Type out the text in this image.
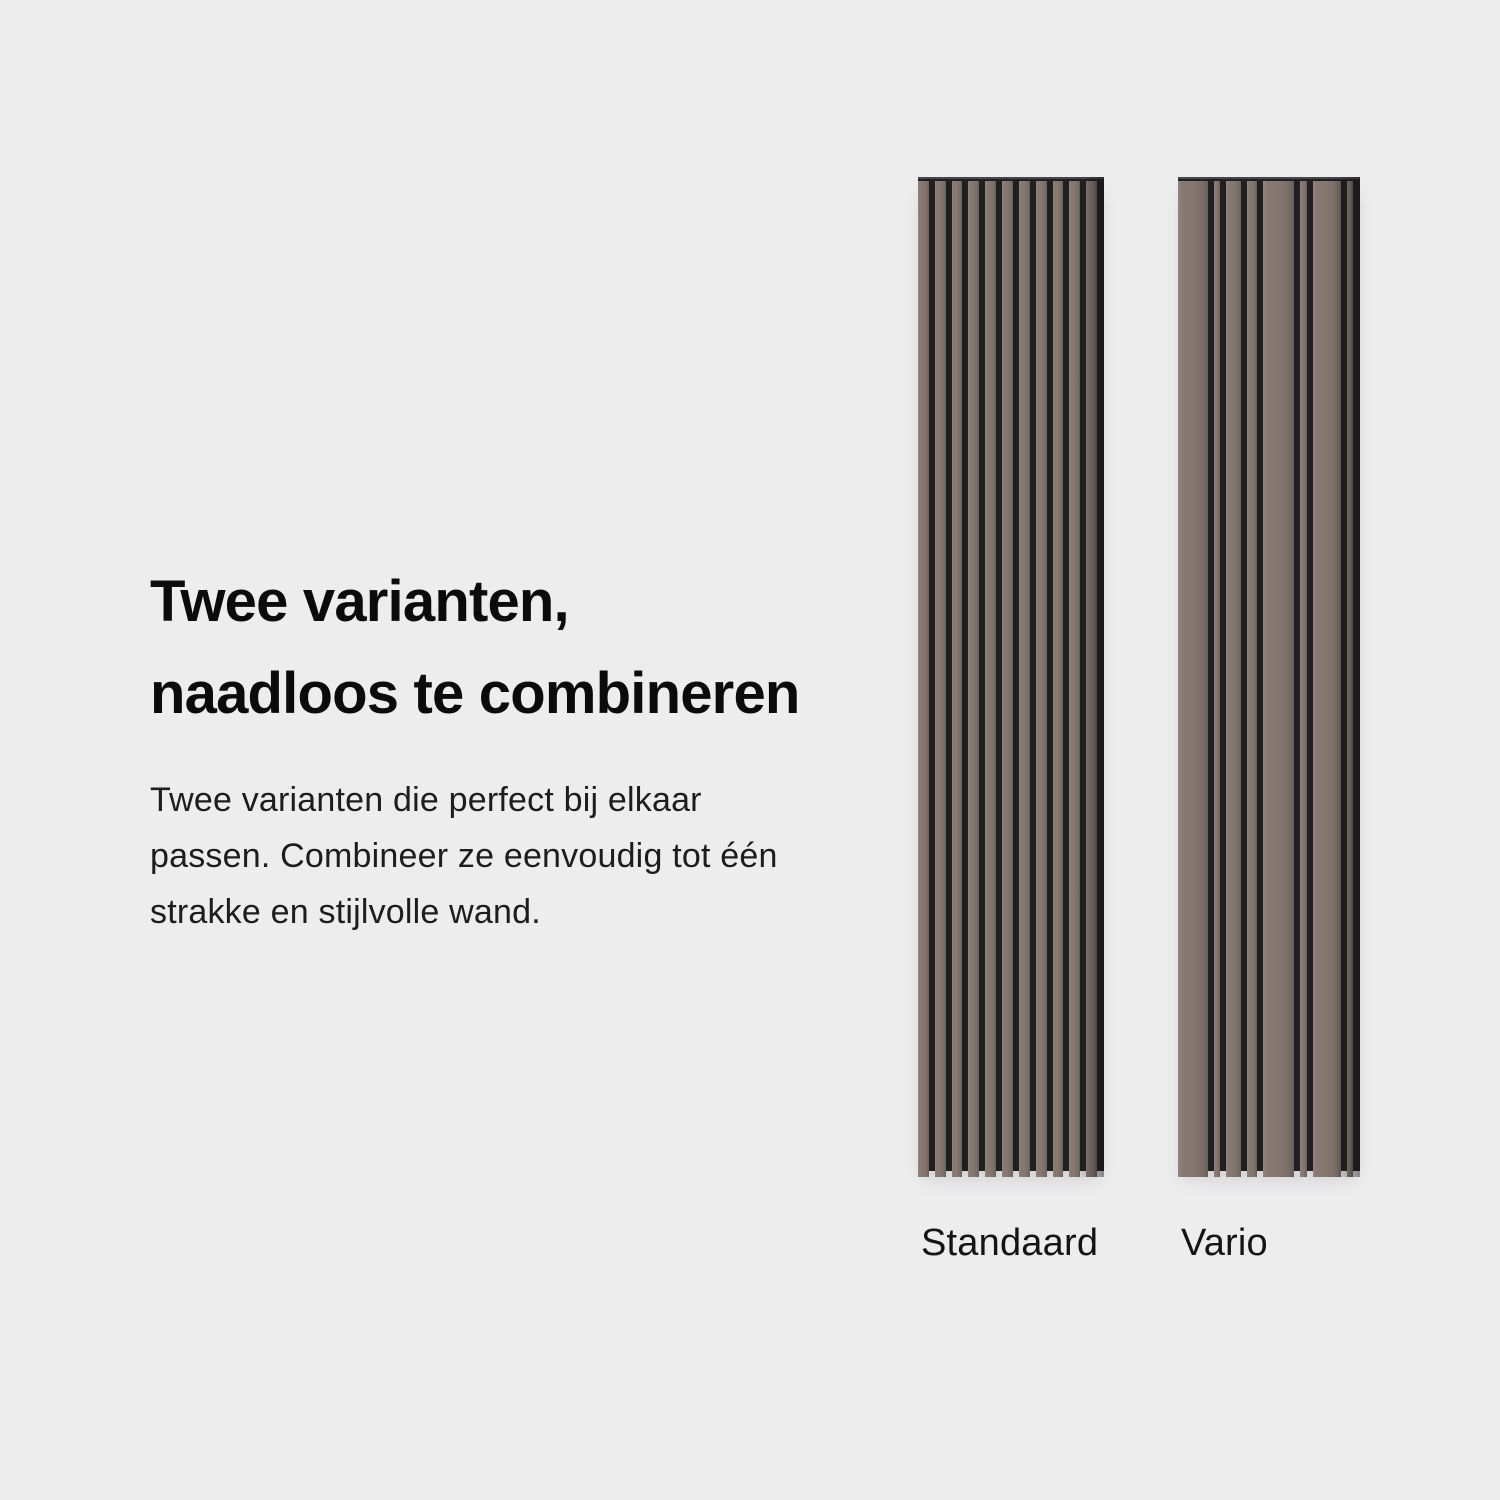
Twee varianten,
naadloos te combineren
Twee varianten die perfect bij elkaar
passen. Combineer ze eenvoudig tot één
strakke en stijlvolle wand.
Standaard Vario
